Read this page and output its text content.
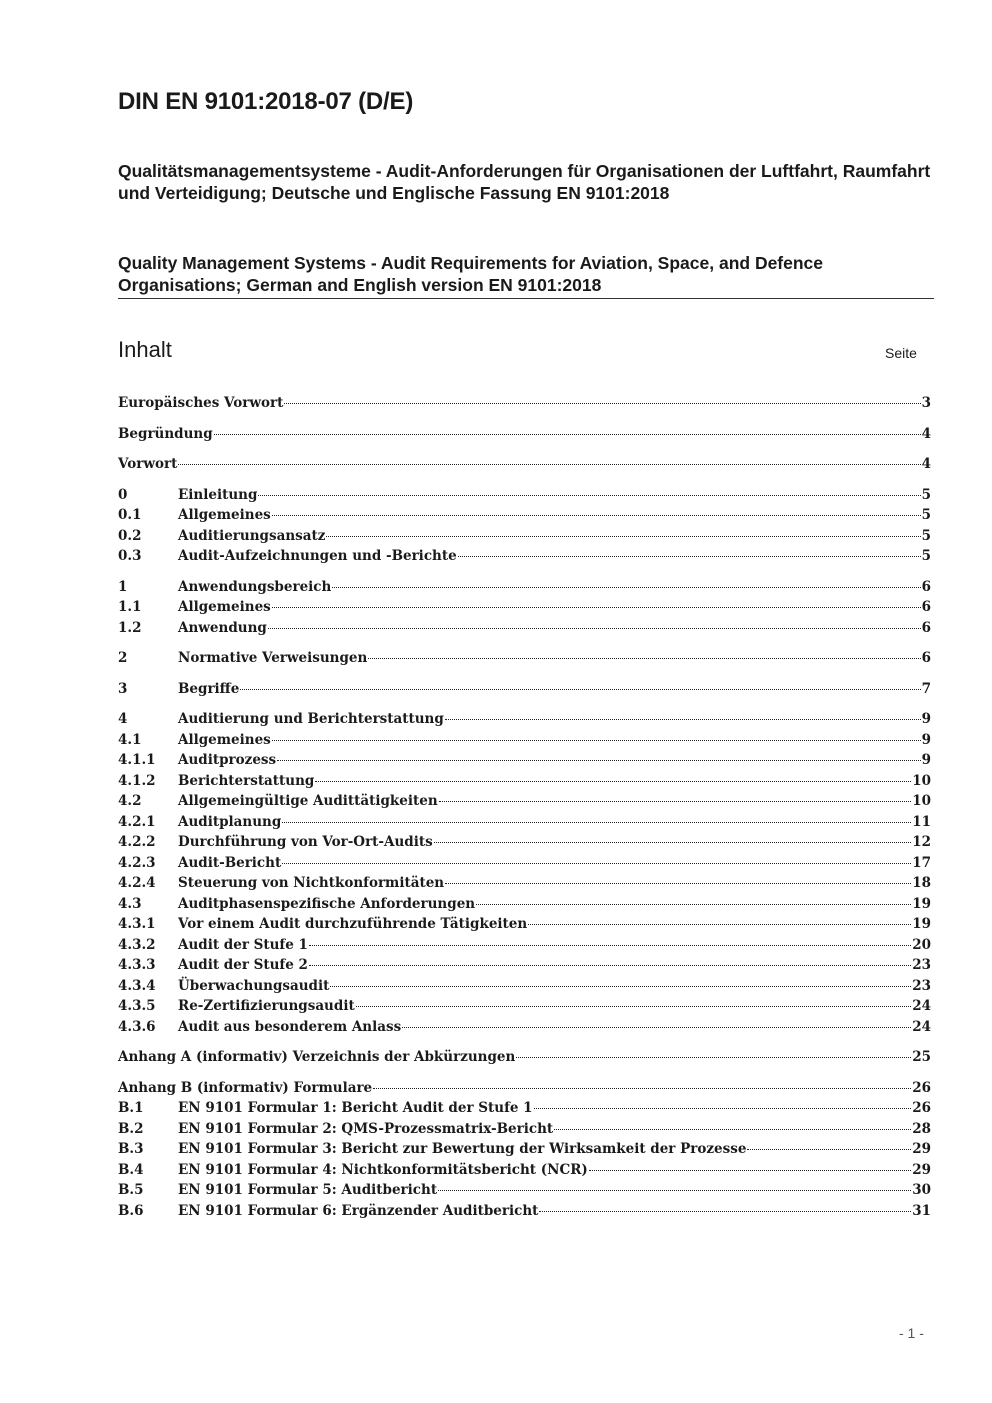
DIN EN 9101:2018-07 (D/E)
Qualitätsmanagementsysteme - Audit-Anforderungen für Organisationen der Luftfahrt, Raumfahrt und Verteidigung; Deutsche und Englische Fassung EN 9101:2018
Quality Management Systems - Audit Requirements for Aviation, Space, and Defence Organisations; German and English version EN 9101:2018
Inhalt	Seite
Europäisches Vorwort	3
Begründung	4
Vorwort	4
0	Einleitung	5
0.1	Allgemeines	5
0.2	Auditierungsansatz	5
0.3	Audit-Aufzeichnungen und -Berichte	5
1	Anwendungsbereich	6
1.1	Allgemeines	6
1.2	Anwendung	6
2	Normative Verweisungen	6
3	Begriffe	7
4	Auditierung und Berichterstattung	9
4.1	Allgemeines	9
4.1.1	Auditprozess	9
4.1.2	Berichterstattung	10
4.2	Allgemeingültige Audittätigkeiten	10
4.2.1	Auditplanung	11
4.2.2	Durchführung von Vor-Ort-Audits	12
4.2.3	Audit-Bericht	17
4.2.4	Steuerung von Nichtkonformitäten	18
4.3	Auditphasenspezifische Anforderungen	19
4.3.1	Vor einem Audit durchzuführende Tätigkeiten	19
4.3.2	Audit der Stufe 1	20
4.3.3	Audit der Stufe 2	23
4.3.4	Überwachungsaudit	23
4.3.5	Re-Zertifizierungsaudit	24
4.3.6	Audit aus besonderem Anlass	24
Anhang A (informativ) Verzeichnis der Abkürzungen	25
Anhang B (informativ) Formulare	26
B.1	EN 9101 Formular 1: Bericht Audit der Stufe 1	26
B.2	EN 9101 Formular 2: QMS-Prozessmatrix-Bericht	28
B.3	EN 9101 Formular 3: Bericht zur Bewertung der Wirksamkeit der Prozesse	29
B.4	EN 9101 Formular 4: Nichtkonformitätsbericht (NCR)	29
B.5	EN 9101 Formular 5: Auditbericht	30
B.6	EN 9101 Formular 6: Ergänzender Auditbericht	31
- 1 -
